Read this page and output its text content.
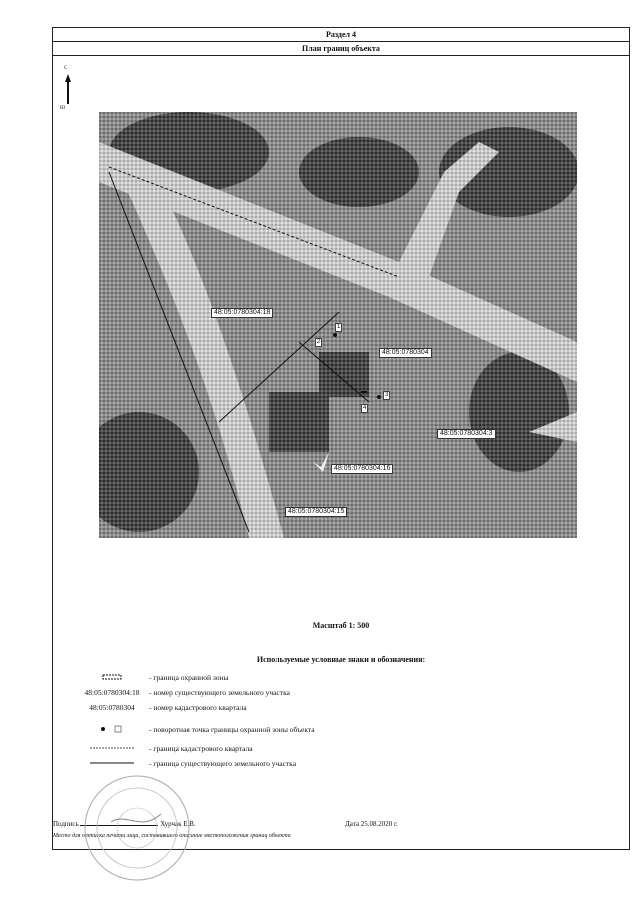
Раздел 4
План границ объекта
С
Ю
48:05:0780304:18
48:05:0780304
48:05:0780304:3
48:05:0780304:16
48:05:0780304:15
1
2
3
4
Масштаб 1: 500
Используемые условные знаки и обозначения:
- граница охранной зоны
48:05:0780304:18	- номер существующего земельного участка
48:05:0780304	- номер кадастрового квартала
- поворотная точка границы охранной зоны объекта
- граница кадастрового квартала
- граница существующего земельного участка
Подпись	Хурчак Е.В.	Дата 25.08.2020 г.
Место для оттиска печати лица, составившего описание местоположения границ объекта
